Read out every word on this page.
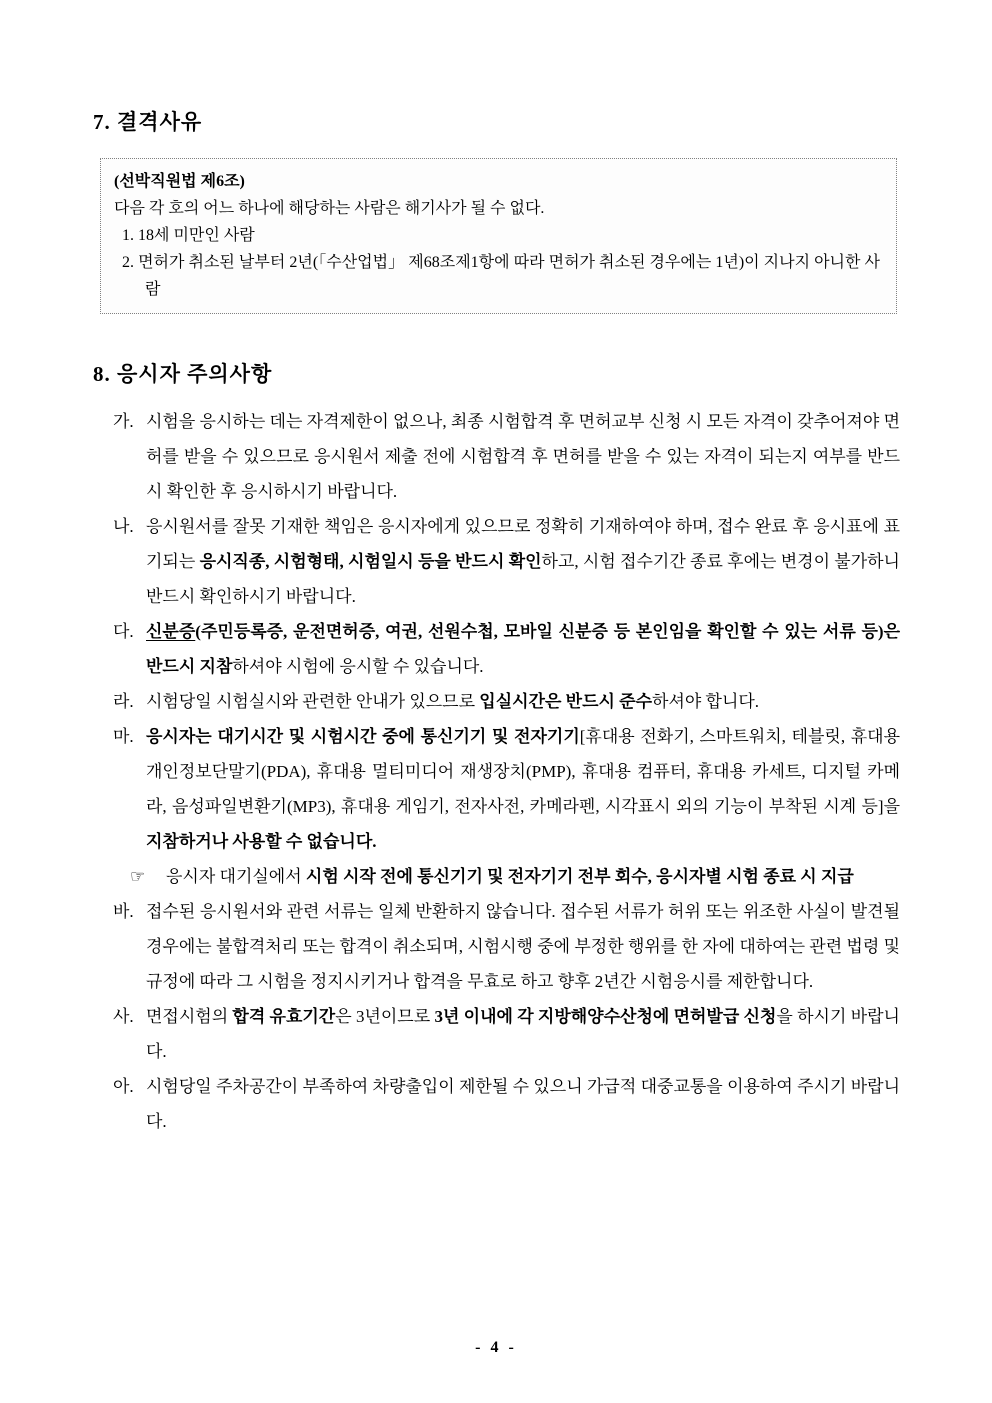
7. 결격사유
(선박직원법 제6조)
다음 각 호의 어느 하나에 해당하는 사람은 해기사가 될 수 없다.
1. 18세 미만인 사람
2. 면허가 취소된 날부터 2년(「수산업법」 제68조제1항에 따라 면허가 취소된 경우에는 1년)이 지나지 아니한 사람
8. 응시자 주의사항
가. 시험을 응시하는 데는 자격제한이 없으나, 최종 시험합격 후 면허교부 신청 시 모든 자격이 갖추어져야 면허를 받을 수 있으므로 응시원서 제출 전에 시험합격 후 면허를 받을 수 있는 자격이 되는지 여부를 반드시 확인한 후 응시하시기 바랍니다.
나. 응시원서를 잘못 기재한 책임은 응시자에게 있으므로 정확히 기재하여야 하며, 접수 완료 후 응시표에 표기되는 응시직종, 시험형태, 시험일시 등을 반드시 확인하고, 시험 접수기간 종료 후에는 변경이 불가하니 반드시 확인하시기 바랍니다.
다. 신분증(주민등록증, 운전면허증, 여권, 선원수첩, 모바일 신분증 등 본인임을 확인할 수 있는 서류 등)은 반드시 지참하셔야 시험에 응시할 수 있습니다.
라. 시험당일 시험실시와 관련한 안내가 있으므로 입실시간은 반드시 준수하셔야 합니다.
마. 응시자는 대기시간 및 시험시간 중에 통신기기 및 전자기기[휴대용 전화기, 스마트워치, 테블릿, 휴대용 개인정보단말기(PDA), 휴대용 멀티미디어 재생장치(PMP), 휴대용 컴퓨터, 휴대용 카세트, 디지털 카메라, 음성파일변환기(MP3), 휴대용 게임기, 전자사전, 카메라펜, 시각표시 외의 기능이 부착된 시계 등]을 지참하거나 사용할 수 없습니다.
☞	응시자 대기실에서 시험 시작 전에 통신기기 및 전자기기 전부 회수, 응시자별 시험 종료 시 지급
바. 접수된 응시원서와 관련 서류는 일체 반환하지 않습니다. 접수된 서류가 허위 또는 위조한 사실이 발견될 경우에는 불합격처리 또는 합격이 취소되며, 시험시행 중에 부정한 행위를 한 자에 대하여는 관련 법령 및 규정에 따라 그 시험을 정지시키거나 합격을 무효로 하고 향후 2년간 시험응시를 제한합니다.
사. 면접시험의 합격 유효기간은 3년이므로 3년 이내에 각 지방해양수산청에 면허발급 신청을 하시기 바랍니다.
아. 시험당일 주차공간이 부족하여 차량출입이 제한될 수 있으니 가급적 대중교통을 이용하여 주시기 바랍니다.
- 4 -
